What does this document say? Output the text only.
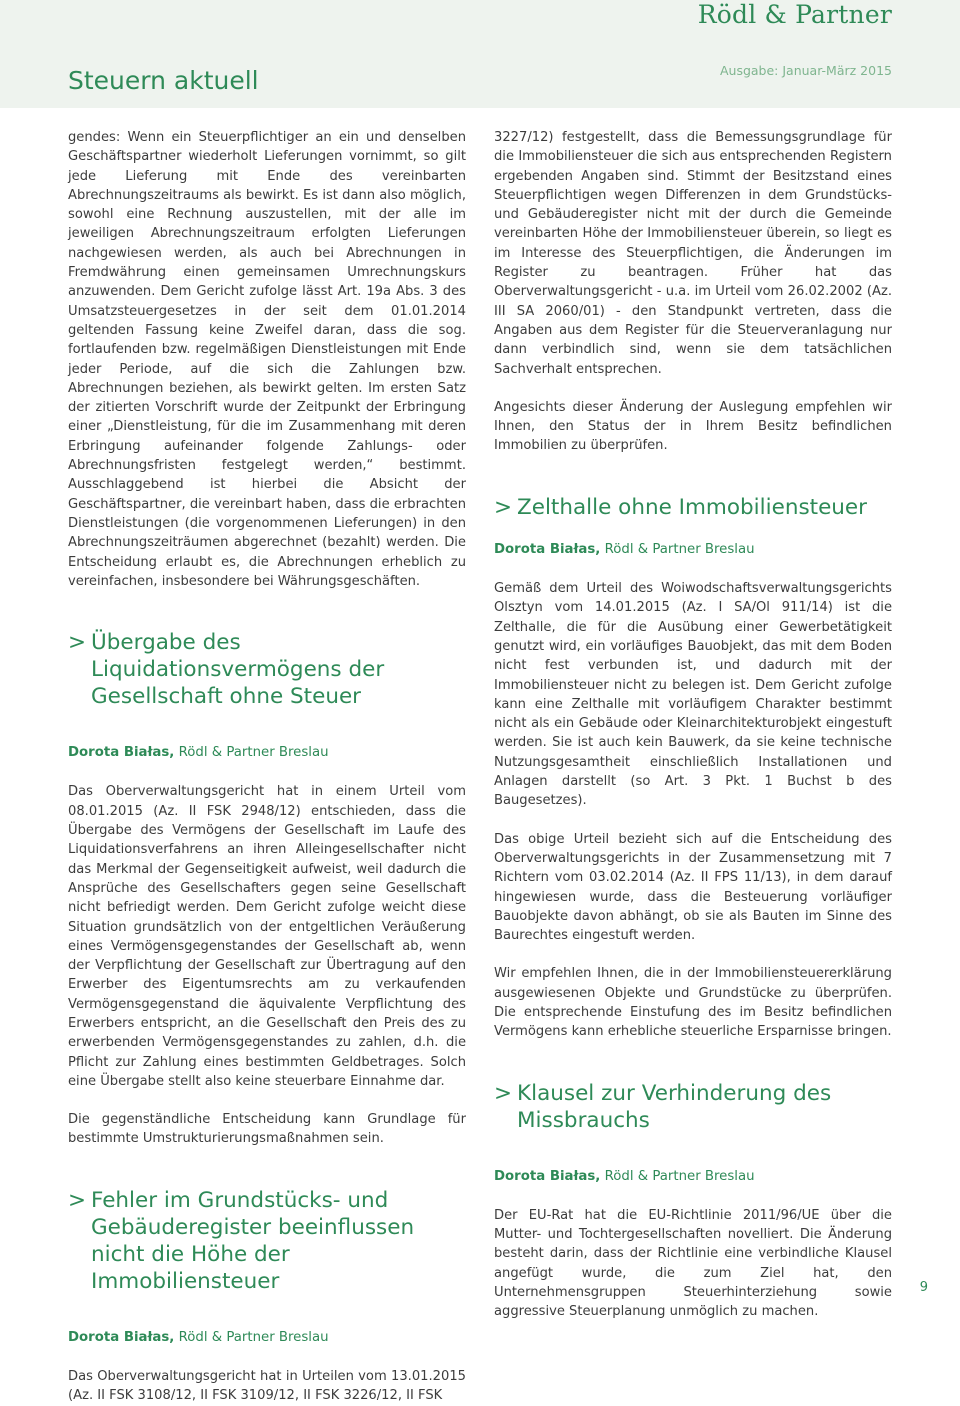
Rödl & Partner
Steuern aktuell	Ausgabe: Januar-März 2015

gendes: Wenn ein Steuerpflichtiger an ein und denselben Geschäftspartner wiederholt Lieferungen vornimmt, so gilt jede Lieferung mit Ende des vereinbarten Abrechnungszeitraums als bewirkt. Es ist dann also möglich, sowohl eine Rechnung auszustellen, mit der alle im jeweiligen Abrechnungszeitraum erfolgten Lieferungen nachgewiesen werden, als auch bei Abrechnungen in Fremdwährung einen gemeinsamen Umrechnungskurs anzuwenden. Dem Gericht zufolge lässt Art. 19a Abs. 3 des Umsatzsteuergesetzes in der seit dem 01.01.2014 geltenden Fassung keine Zweifel daran, dass die sog. fortlaufenden bzw. regelmäßigen Dienstleistungen mit Ende jeder Periode, auf die sich die Zahlungen bzw. Abrechnungen beziehen, als bewirkt gelten. Im ersten Satz der zitierten Vorschrift wurde der Zeitpunkt der Erbringung einer „Dienstleistung, für die im Zusammenhang mit deren Erbringung aufeinander folgende Zahlungs- oder Abrechnungsfristen festgelegt werden,“ bestimmt. Ausschlaggebend ist hierbei die Absicht der Geschäftspartner, die vereinbart haben, dass die erbrachten Dienstleistungen (die vorgenommenen Lieferungen) in den Abrechnungszeiträumen abgerechnet (bezahlt) werden. Die Entscheidung erlaubt es, die Abrechnungen erheblich zu vereinfachen, insbesondere bei Währungsgeschäften.

> Übergabe des Liquidationsvermögens der Gesellschaft ohne Steuer

Dorota Białas, Rödl & Partner Breslau

Das Oberverwaltungsgericht hat in einem Urteil vom 08.01.2015 (Az. II FSK 2948/12) entschieden, dass die Übergabe des Vermögens der Gesellschaft im Laufe des Liquidationsverfahrens an ihren Alleingesellschafter nicht das Merkmal der Gegenseitigkeit aufweist, weil dadurch die Ansprüche des Gesellschafters gegen seine Gesellschaft nicht befriedigt werden. Dem Gericht zufolge weicht diese Situation grundsätzlich von der entgeltlichen Veräußerung eines Vermögensgegenstandes der Gesellschaft ab, wenn der Verpflichtung der Gesellschaft zur Übertragung auf den Erwerber des Eigentumsrechts am zu verkaufenden Vermögensgegenstand die äquivalente Verpflichtung des Erwerbers entspricht, an die Gesellschaft den Preis des zu erwerbenden Vermögensgegenstandes zu zahlen, d.h. die Pflicht zur Zahlung eines bestimmten Geldbetrages. Solch eine Übergabe stellt also keine steuerbare Einnahme dar.

Die gegenständliche Entscheidung kann Grundlage für bestimmte Umstrukturierungsmaßnahmen sein.

> Fehler im Grundstücks- und Gebäuderegister beeinflussen nicht die Höhe der Immobiliensteuer

Dorota Białas, Rödl & Partner Breslau

Das Oberverwaltungsgericht hat in Urteilen vom 13.01.2015 (Az. II FSK 3108/12, II FSK 3109/12, II FSK 3226/12, II FSK

3227/12) festgestellt, dass die Bemessungsgrundlage für die Immobiliensteuer die sich aus entsprechenden Registern ergebenden Angaben sind. Stimmt der Besitzstand eines Steuerpflichtigen wegen Differenzen in dem Grundstücks- und Gebäuderegister nicht mit der durch die Gemeinde vereinbarten Höhe der Immobiliensteuer überein, so liegt es im Interesse des Steuerpflichtigen, die Änderungen im Register zu beantragen. Früher hat das Oberverwaltungsgericht - u.a. im Urteil vom 26.02.2002 (Az. III SA 2060/01) - den Standpunkt vertreten, dass die Angaben aus dem Register für die Steuerveranlagung nur dann verbindlich sind, wenn sie dem tatsächlichen Sachverhalt entsprechen.

Angesichts dieser Änderung der Auslegung empfehlen wir Ihnen, den Status der in Ihrem Besitz befindlichen Immobilien zu überprüfen.

> Zelthalle ohne Immobiliensteuer

Dorota Białas, Rödl & Partner Breslau

Gemäß dem Urteil des Woiwodschaftsverwaltungsgerichts Olsztyn vom 14.01.2015 (Az. I SA/Ol 911/14) ist die Zelthalle, die für die Ausübung einer Gewerbetätigkeit genutzt wird, ein vorläufiges Bauobjekt, das mit dem Boden nicht fest verbunden ist, und dadurch mit der Immobiliensteuer nicht zu belegen ist. Dem Gericht zufolge kann eine Zelthalle mit vorläufigem Charakter bestimmt nicht als ein Gebäude oder Kleinarchitekturobjekt eingestuft werden. Sie ist auch kein Bauwerk, da sie keine technische Nutzungsgesamtheit einschließlich Installationen und Anlagen darstellt (so Art. 3 Pkt. 1 Buchst b des Baugesetzes).

Das obige Urteil bezieht sich auf die Entscheidung des Oberverwaltungsgerichts in der Zusammensetzung mit 7 Richtern vom 03.02.2014 (Az. II FPS 11/13), in dem darauf hingewiesen wurde, dass die Besteuerung vorläufiger Bauobjekte davon abhängt, ob sie als Bauten im Sinne des Baurechtes eingestuft werden.

Wir empfehlen Ihnen, die in der Immobiliensteuererklärung ausgewiesenen Objekte und Grundstücke zu überprüfen. Die entsprechende Einstufung des im Besitz befindlichen Vermögens kann erhebliche steuerliche Ersparnisse bringen.

> Klausel zur Verhinderung des Missbrauchs

Dorota Białas, Rödl & Partner Breslau

Der EU-Rat hat die EU-Richtlinie 2011/96/UE über die Mutter- und Tochtergesellschaften novelliert. Die Änderung besteht darin, dass der Richtlinie eine verbindliche Klausel angefügt wurde, die zum Ziel hat, den Unternehmensgruppen Steuerhinterziehung sowie aggressive Steuerplanung unmöglich zu machen.

9
